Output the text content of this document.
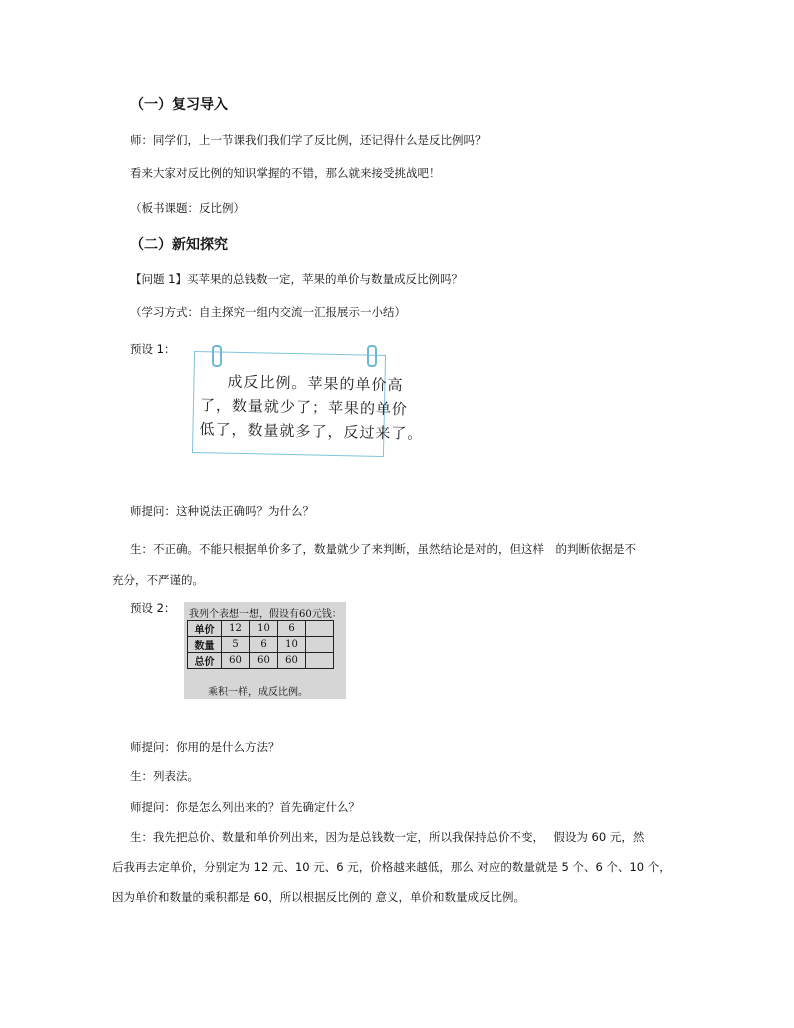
（一）复习导入
师：同学们，上一节课我们我们学了反比例，还记得什么是反比例吗？
看来大家对反比例的知识掌握的不错，那么就来接受挑战吧！
（板书课题：反比例）
（二）新知探究
【问题 1】买苹果的总钱数一定，苹果的单价与数量成反比例吗？
（学习方式：自主探究一组内交流一汇报展示一小结）
预设 1：
成反比例。苹果的单价高
了，数量就少了；苹果的单价
低了，数量就多了，反过来了。
师提问：这种说法正确吗？为什么？
生：不正确。不能只根据单价多了，数量就少了来判断，虽然结论是对的，但这样　的判断依据是不
充分，不严谨的。
预设 2： 我列个表想一想，假设有60元钱：
单价	12	10	6	
数量	5	6	10	
总价	60	60	60	
乘积一样，成反比例。
师提问：你用的是什么方法？
生：列表法。
师提问：你是怎么列出来的？首先确定什么？
生：我先把总价、数量和单价列出来，因为是总钱数一定，所以我保持总价不变，　 假设为 60 元，然
后我再去定单价，分别定为 12 元、10 元、6 元，价格越来越低，那么 对应的数量就是 5 个、6 个、10 个，
因为单价和数量的乘积都是 60，所以根据反比例的 意义，单价和数量成反比例。
